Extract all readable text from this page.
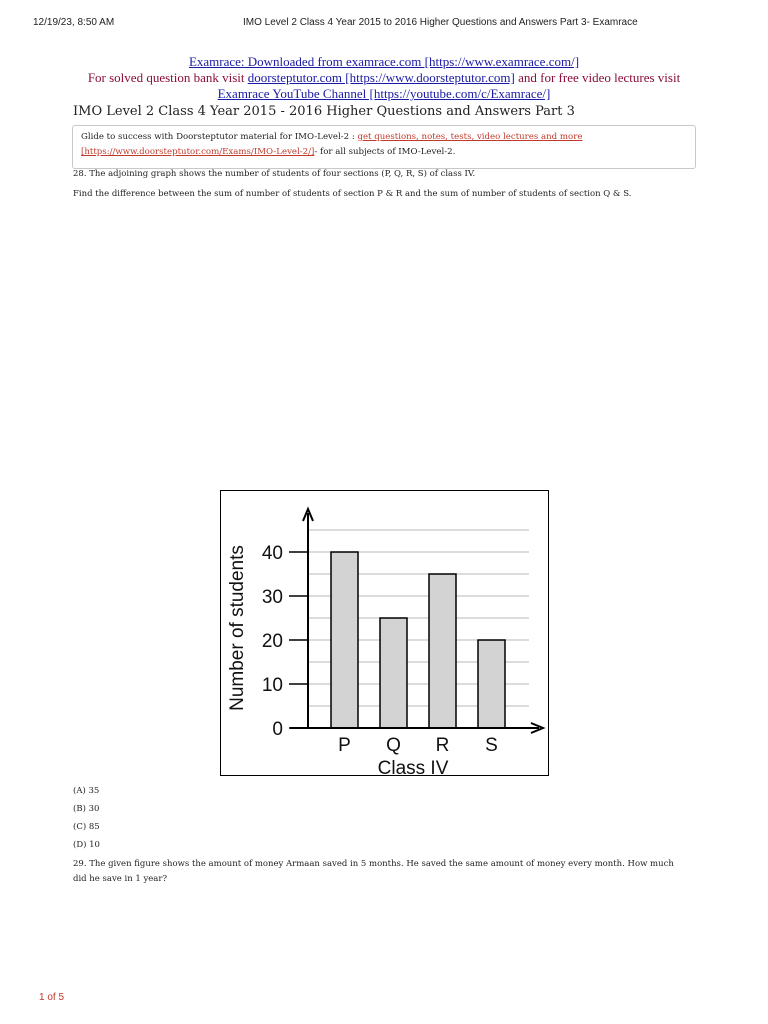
12/19/23, 8:50 AM	IMO Level 2 Class 4 Year 2015 to 2016 Higher Questions and Answers Part 3- Examrace
Examrace: Downloaded from examrace.com [https://www.examrace.com/]
For solved question bank visit doorsteptutor.com [https://www.doorsteptutor.com] and for free video lectures visit
Examrace YouTube Channel [https://youtube.com/c/Examrace/]
IMO Level 2 Class 4 Year 2015 - 2016 Higher Questions and Answers Part 3
Glide to success with Doorsteptutor material for IMO-Level-2 : get questions, notes, tests, video lectures and more
[https://www.doorsteptutor.com/Exams/IMO-Level-2/]- for all subjects of IMO-Level-2.

28. The adjoining graph shows the number of students of four sections (P, Q, R, S) of class IV.

Find the difference between the sum of number of students of section P & R and the sum of number of students of section Q & S.

0
10
20
30
40
P Q R S
Class IV
Number of students
(A) 35
(B) 30
(C) 85
(D) 10

29. The given figure shows the amount of money Armaan saved in 5 months. He saved the same amount of money every month. How much

did he save in 1 year?

1 of 5
